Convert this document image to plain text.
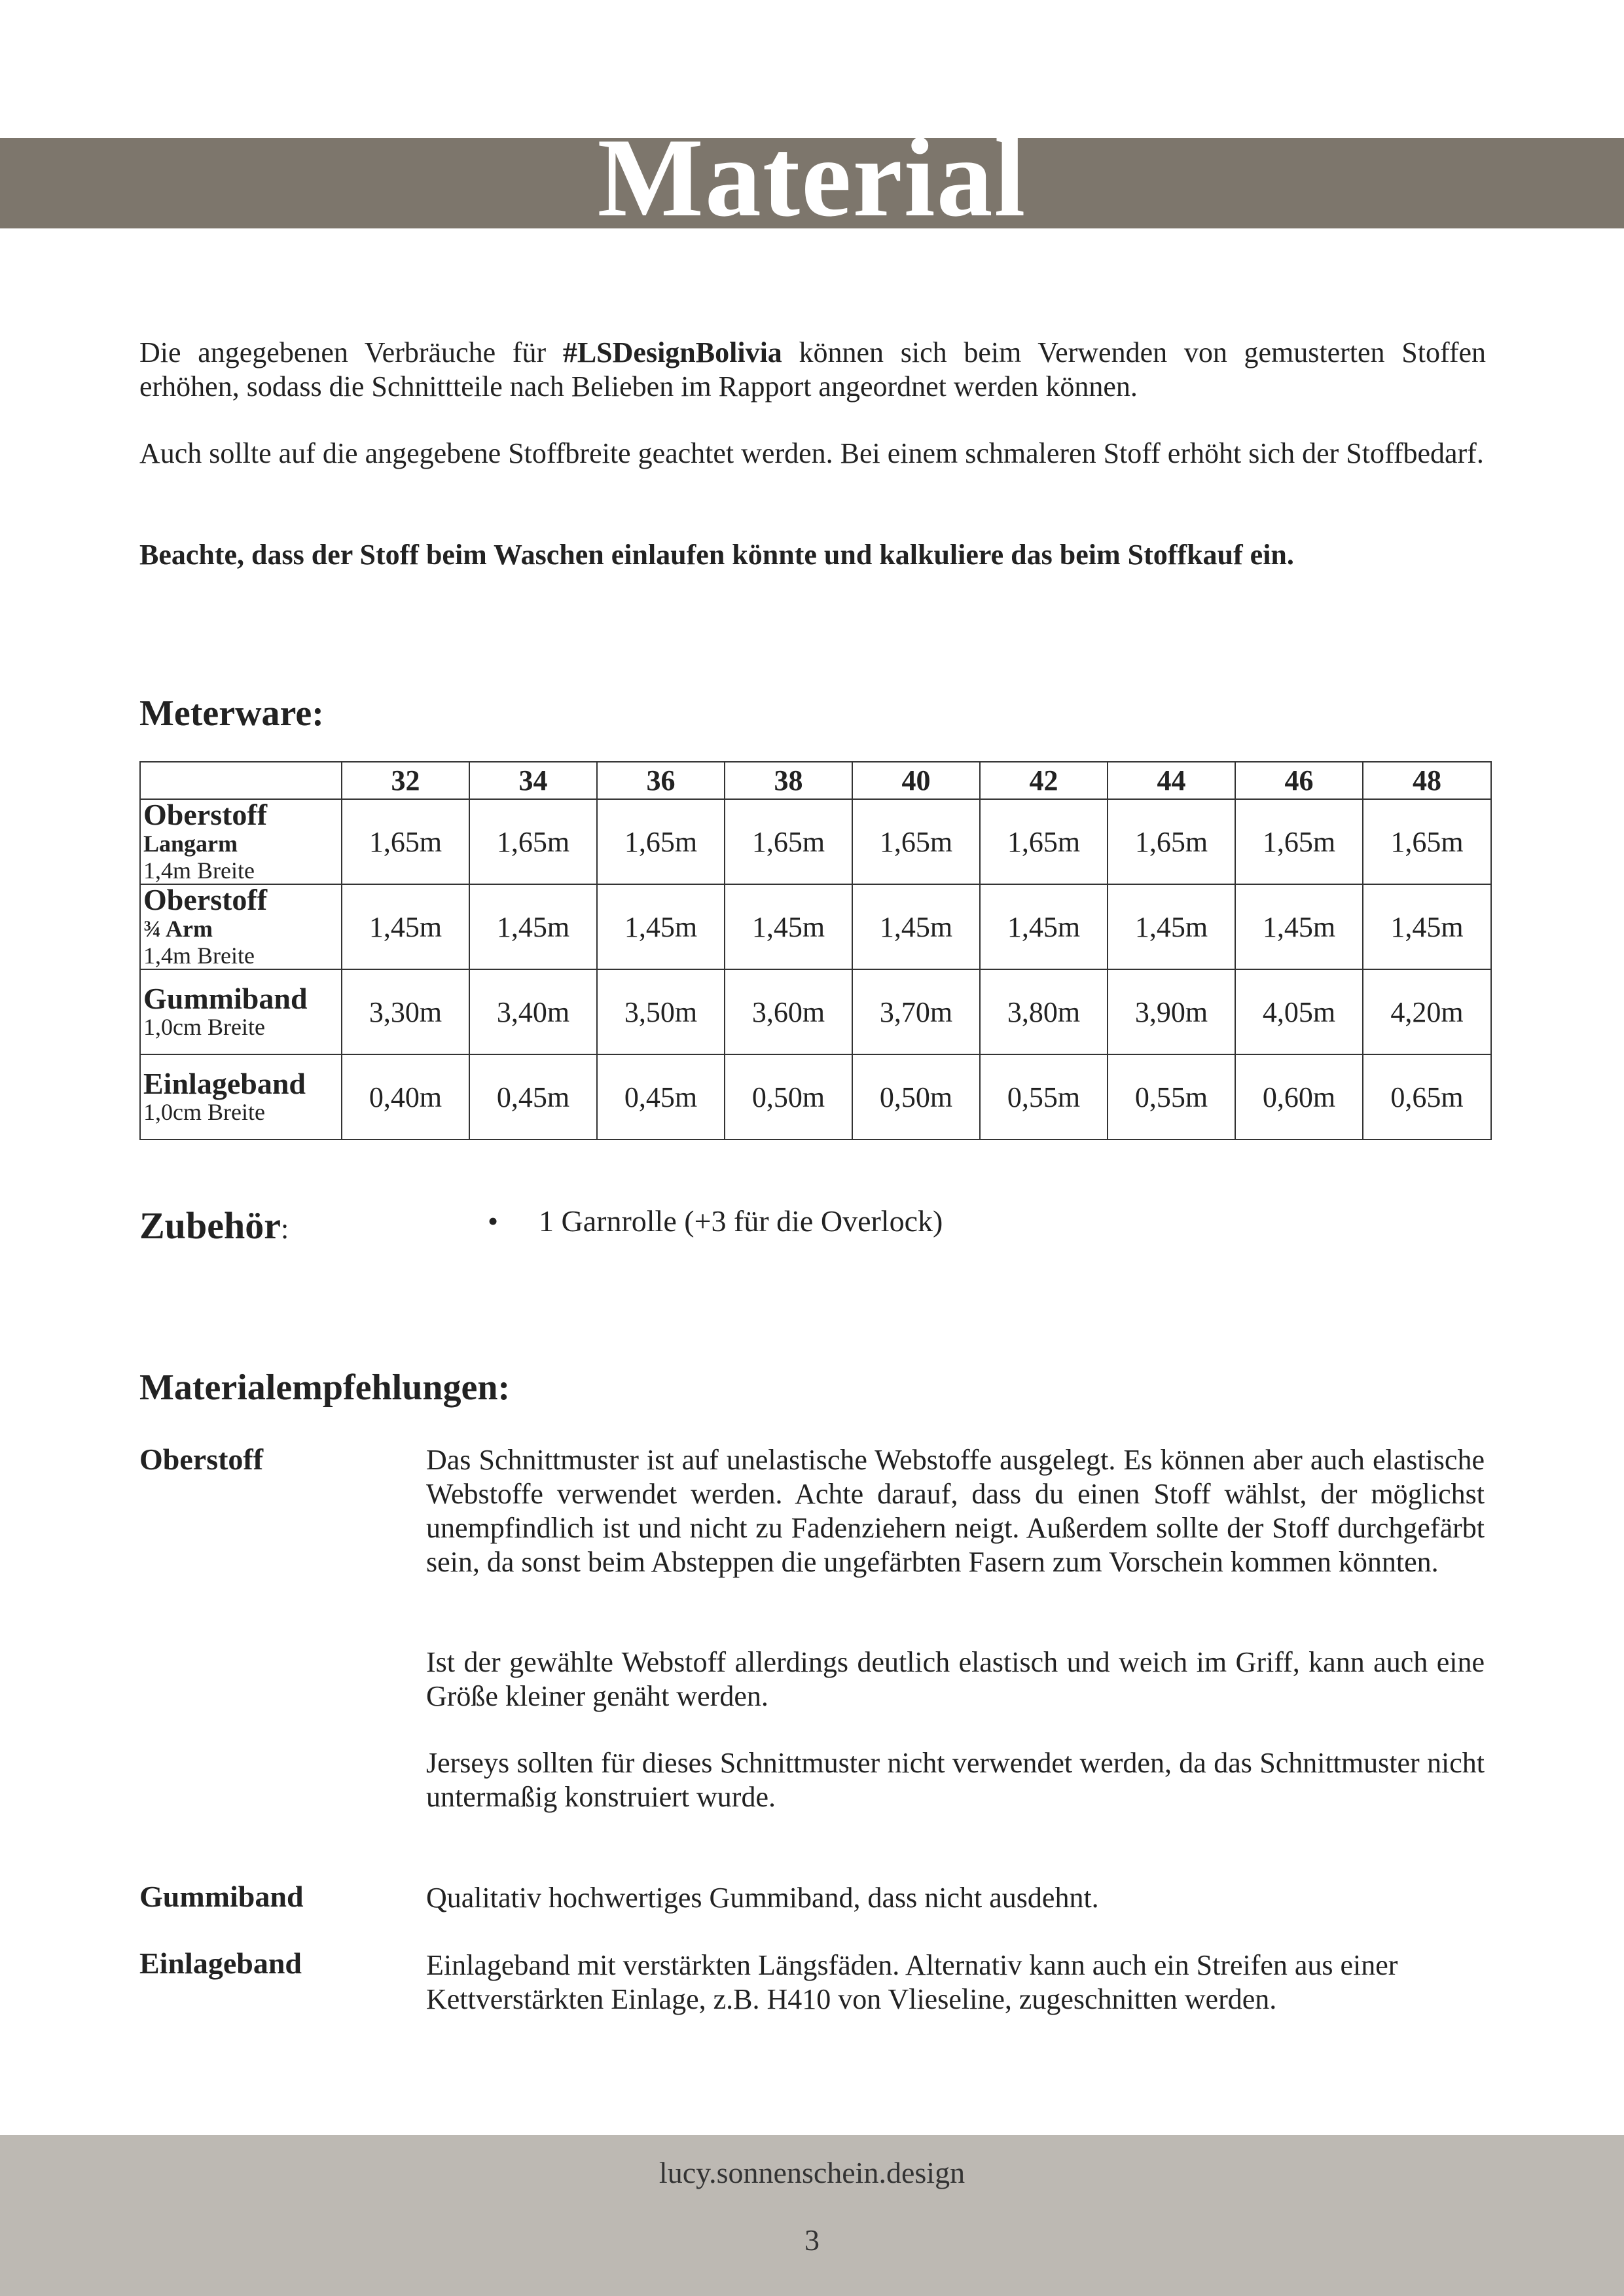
Material
Die angegebenen Verbräuche für #LSDesignBolivia können sich beim Verwenden von gemusterten Stoffen erhöhen, sodass die Schnittteile nach Belieben im Rapport angeordnet werden können.
Auch sollte auf die angegebene Stoffbreite geachtet werden. Bei einem schmaleren Stoff erhöht sich der Stoffbedarf.
Beachte, dass der Stoff beim Waschen einlaufen könnte und kalkuliere das beim Stoffkauf ein.
Meterware:
	32	34	36	38	40	42	44	46	48

Oberstoff
Langarm
1,4m Breite	1,65m	1,65m	1,65m	1,65m	1,65m	1,65m	1,65m	1,65m	1,65m

Oberstoff
¾ Arm
1,4m Breite	1,45m	1,45m	1,45m	1,45m	1,45m	1,45m	1,45m	1,45m	1,45m

Gummiband
1,0cm Breite	3,30m	3,40m	3,50m	3,60m	3,70m	3,80m	3,90m	4,05m	4,20m

Einlageband
1,0cm Breite	0,40m	0,45m	0,45m	0,50m	0,50m	0,55m	0,55m	0,60m	0,65m
Zubehör:	• 1 Garnrolle (+3 für die Overlock)
Materialempfehlungen:
Oberstoff	Das Schnittmuster ist auf unelastische Webstoffe ausgelegt. Es können aber auch elastische Webstoffe verwendet werden. Achte darauf, dass du einen Stoff wählst, der möglichst unempfindlich ist und nicht zu Fadenziehern neigt. Außerdem sollte der Stoff durchgefärbt sein, da sonst beim Absteppen die ungefärbten Fasern zum Vorschein kommen könnten.
Ist der gewählte Webstoff allerdings deutlich elastisch und weich im Griff, kann auch eine Größe kleiner genäht werden.
Jerseys sollten für dieses Schnittmuster nicht verwendet werden, da das Schnittmuster nicht untermaßig konstruiert wurde.
Gummiband	Qualitativ hochwertiges Gummiband, dass nicht ausdehnt.
Einlageband	Einlageband mit verstärkten Längsfäden. Alternativ kann auch ein Streifen aus einer Kettverstärkten Einlage, z.B. H410 von Vlieseline, zugeschnitten werden.
lucy.sonnenschein.design
3
